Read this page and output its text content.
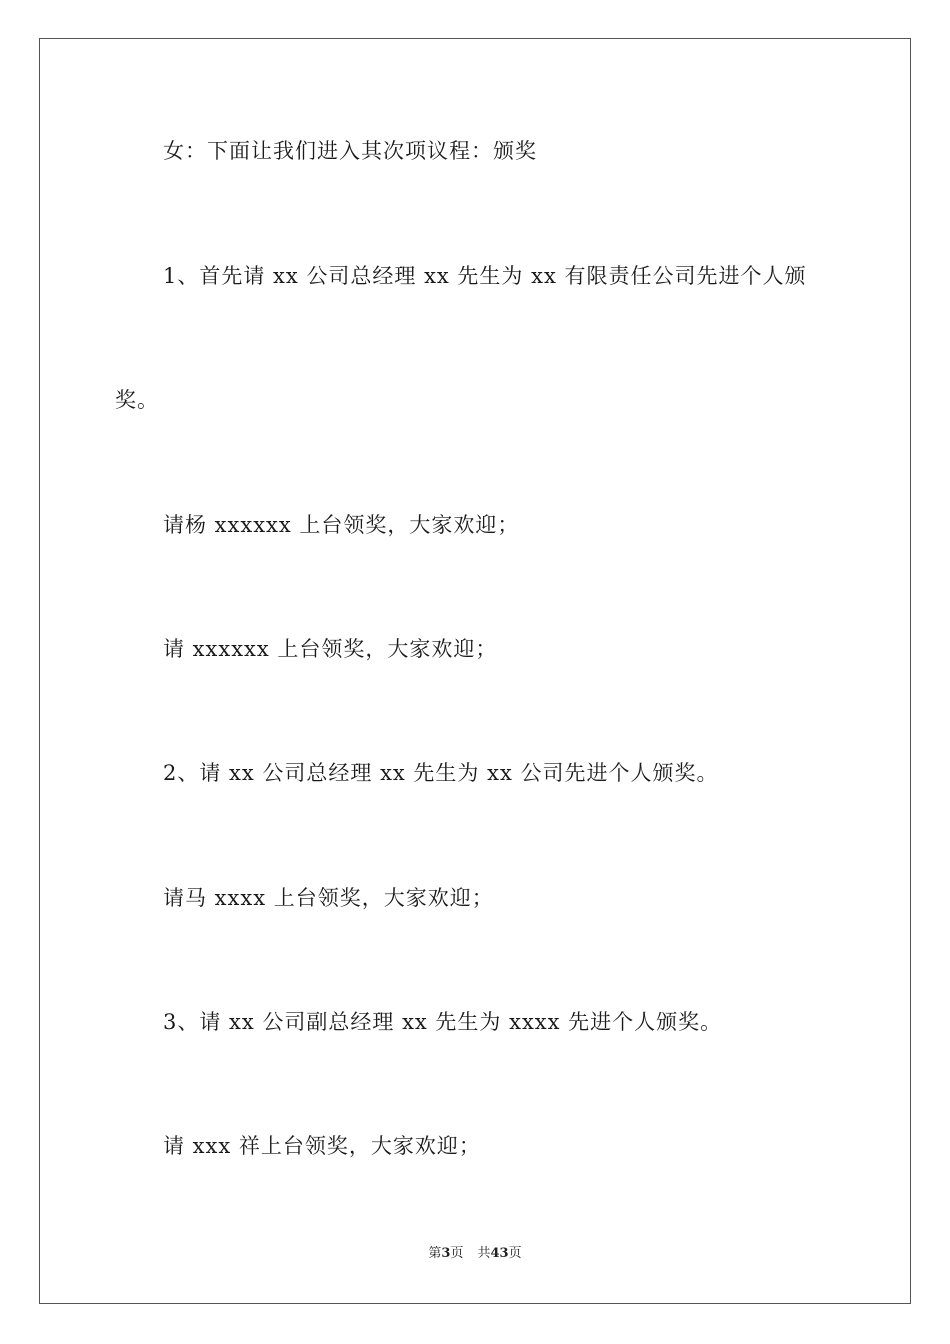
女：下面让我们进入其次项议程：颁奖
1、首先请 xx 公司总经理 xx 先生为 xx 有限责任公司先进个人颁
奖。
请杨 xxxxxx 上台领奖，大家欢迎；
请 xxxxxx 上台领奖，大家欢迎；
2、请 xx 公司总经理 xx 先生为 xx 公司先进个人颁奖。
请马 xxxx 上台领奖，大家欢迎；
3、请 xx 公司副总经理 xx 先生为 xxxx 先进个人颁奖。
请 xxx 祥上台领奖，大家欢迎；
第3页 共43页
